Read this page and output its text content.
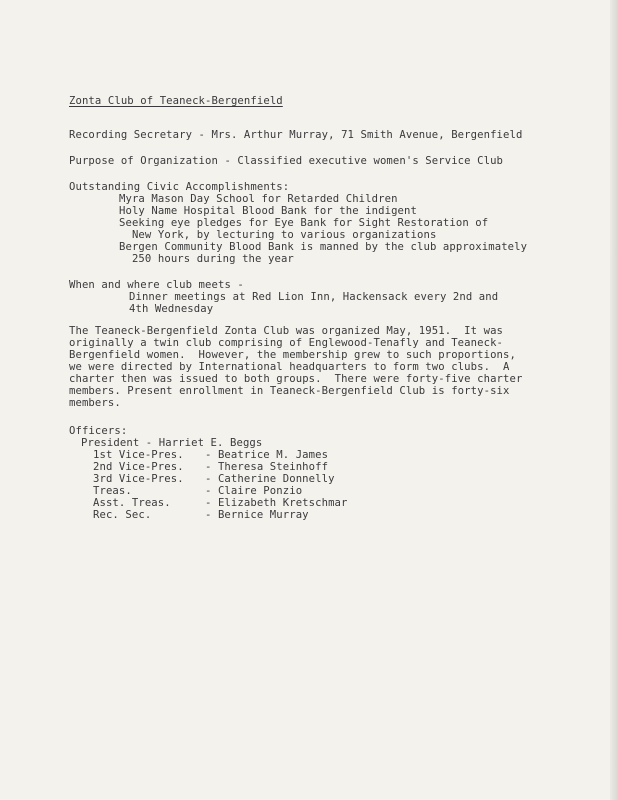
Zonta Club of Teaneck-Bergenfield
Recording Secretary - Mrs. Arthur Murray, 71 Smith Avenue, Bergenfield
Purpose of Organization - Classified executive women's Service Club
Outstanding Civic Accomplishments:
Myra Mason Day School for Retarded Children
Holy Name Hospital Blood Bank for the indigent
Seeking eye pledges for Eye Bank for Sight Restoration of
New York, by lecturing to various organizations
Bergen Community Blood Bank is manned by the club approximately
250 hours during the year
When and where club meets -
Dinner meetings at Red Lion Inn, Hackensack every 2nd and
4th Wednesday
The Teaneck-Bergenfield Zonta Club was organized May, 1951.  It was
originally a twin club comprising of Englewood-Tenafly and Teaneck-
Bergenfield women.  However, the membership grew to such proportions,
we were directed by International headquarters to form two clubs.  A
charter then was issued to both groups.  There were forty-five charter
members. Present enrollment in Teaneck-Bergenfield Club is forty-six
members.
Officers:
President - Harriet E. Beggs
1st Vice-Pres. - Beatrice M. James
2nd Vice-Pres. - Theresa Steinhoff
3rd Vice-Pres. - Catherine Donnelly
Treas.	- Claire Ponzio
Asst. Treas.	- Elizabeth Kretschmar
Rec. Sec.	- Bernice Murray
